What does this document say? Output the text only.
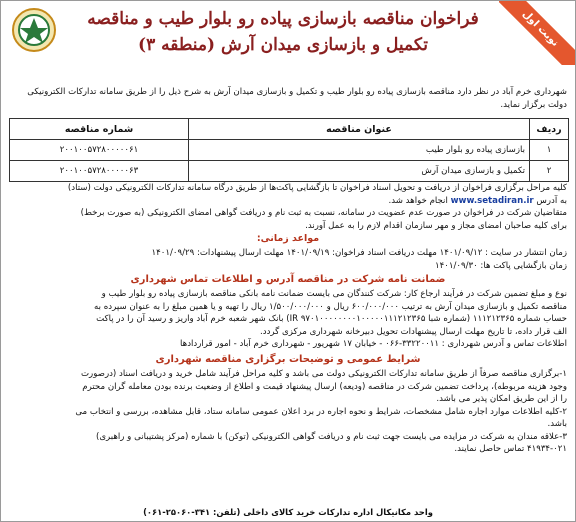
نوبت اول
فراخوان مناقصه بازسازی پیاده رو بلوار طیب و مناقصه
تکمیل و بازسازی میدان آرش (منطقه ۳)
شهرداری خرم آباد در نظر دارد مناقصه بازسازی پیاده رو بلوار طیب و تکمیل و بازسازی میدان آرش به شرح ذیل را از طریق سامانه تدارکات الکترونیکی
دولت برگزار نماید.
ردیف	عنوان مناقصه	شماره مناقصه
۱	بازسازی پیاده رو بلوار طیب	۲۰۰۱۰۰۵۷۲۸۰۰۰۰۰۶۱
۲	تکمیل و بازسازی میدان آرش	۲۰۰۱۰۰۵۷۲۸۰۰۰۰۰۶۳
کلیه مراحل برگزاری فراخوان از دریافت و تحویل اسناد فراخوان تا بازگشایی پاکت‌ها از طریق درگاه سامانه تدارکات الکترونیکی دولت (ستاد)
به آدرس www.setadiran.ir انجام خواهد شد.
متقاضیان شرکت در فراخوان در صورت عدم عضویت در سامانه، نسبت به ثبت نام و دریافت گواهی امضای الکترونیکی (به صورت برخط)
برای کلیه صاحبان امضای مجاز و مهر سازمان اقدام لازم را به عمل آورند.
مواعد زمانی:
زمان انتشار در سایت : ۱۴۰۱/۰۹/۱۲ مهلت دریافت اسناد فراخوان: ۱۴۰۱/۰۹/۱۹ مهلت ارسال پیشنهادات: ۱۴۰۱/۰۹/۲۹
زمان بازگشایی پاکت ها: ۱۴۰۱/۰۹/۳۰
ضمانت نامه شرکت در مناقصه آدرس و اطلاعات تماس شهرداری
نوع و مبلغ تضمین شرکت در فرآیند ارجاع کار: شرکت کنندگان می بایست ضمانت نامه بانکی مناقصه بازسازی پیاده رو بلوار طیب و
مناقصه تکمیل و بازسازی میدان آرش به ترتیب ۶۰۰/۰۰۰/۰۰۰ ریال و ۱/۵۰۰/۰۰۰/۰۰۰ ریال را تهیه و یا همین مبلغ را به عنوان سپرده به
حساب شماره ۱۱۱۲۱۲۳۶۵ (شماره شبا IR ۹۷۰۱۰۰۰۰۰۰۰۰۱۰۰۰۰۰۱۱۱۲۱۲۳۶۵) بانک شهر شعبه خرم آباد واریز و رسید آن را در پاکت
الف قرار داده، تا تاریخ مهلت ارسال پیشنهادات تحویل دبیرخانه شهرداری مرکزی گردد.
اطلاعات تماس و آدرس شهرداری : ۳۳۲۲۰۰۱۱-۰۶۶ - خیابان ۱۷ شهریور - شهرداری خرم آباد - امور قراردادها
شرایط عمومی و توضیحات برگزاری مناقصه شهرداری
۱-برگزاری مناقصه صرفاً از طریق سامانه تدارکات الکترونیکی دولت می باشد و کلیه مراحل فرآیند شامل خرید و دریافت اسناد (درصورت
وجود هزینه مربوطه)، پرداخت تضمین شرکت در مناقصه (ودیعه) ارسال پیشنهاد قیمت و اطلاع از وضعیت برنده بودن معامله گران محترم
را از این طریق امکان پذیر می باشد.
۲-کلیه اطلاعات موارد اجاره شامل مشخصات، شرایط و نحوه اجاره در برد اعلان عمومی سامانه ستاد، قابل مشاهده، بررسی و انتخاب می
باشد.
۳-علاقه مندان به شرکت در مزایده می بایست جهت ثبت نام و دریافت گواهی الکترونیکی (توکن) با شماره (مرکز پشتیبانی و راهبری)
۴۱۹۳۴-۰۲۱ تماس حاصل نمایند.
واحد مکانیکال اداره تدارکات خرید کالای داخلی (تلفن: ۳۴۱-۲۵۰۶۰-۰۶۱)
